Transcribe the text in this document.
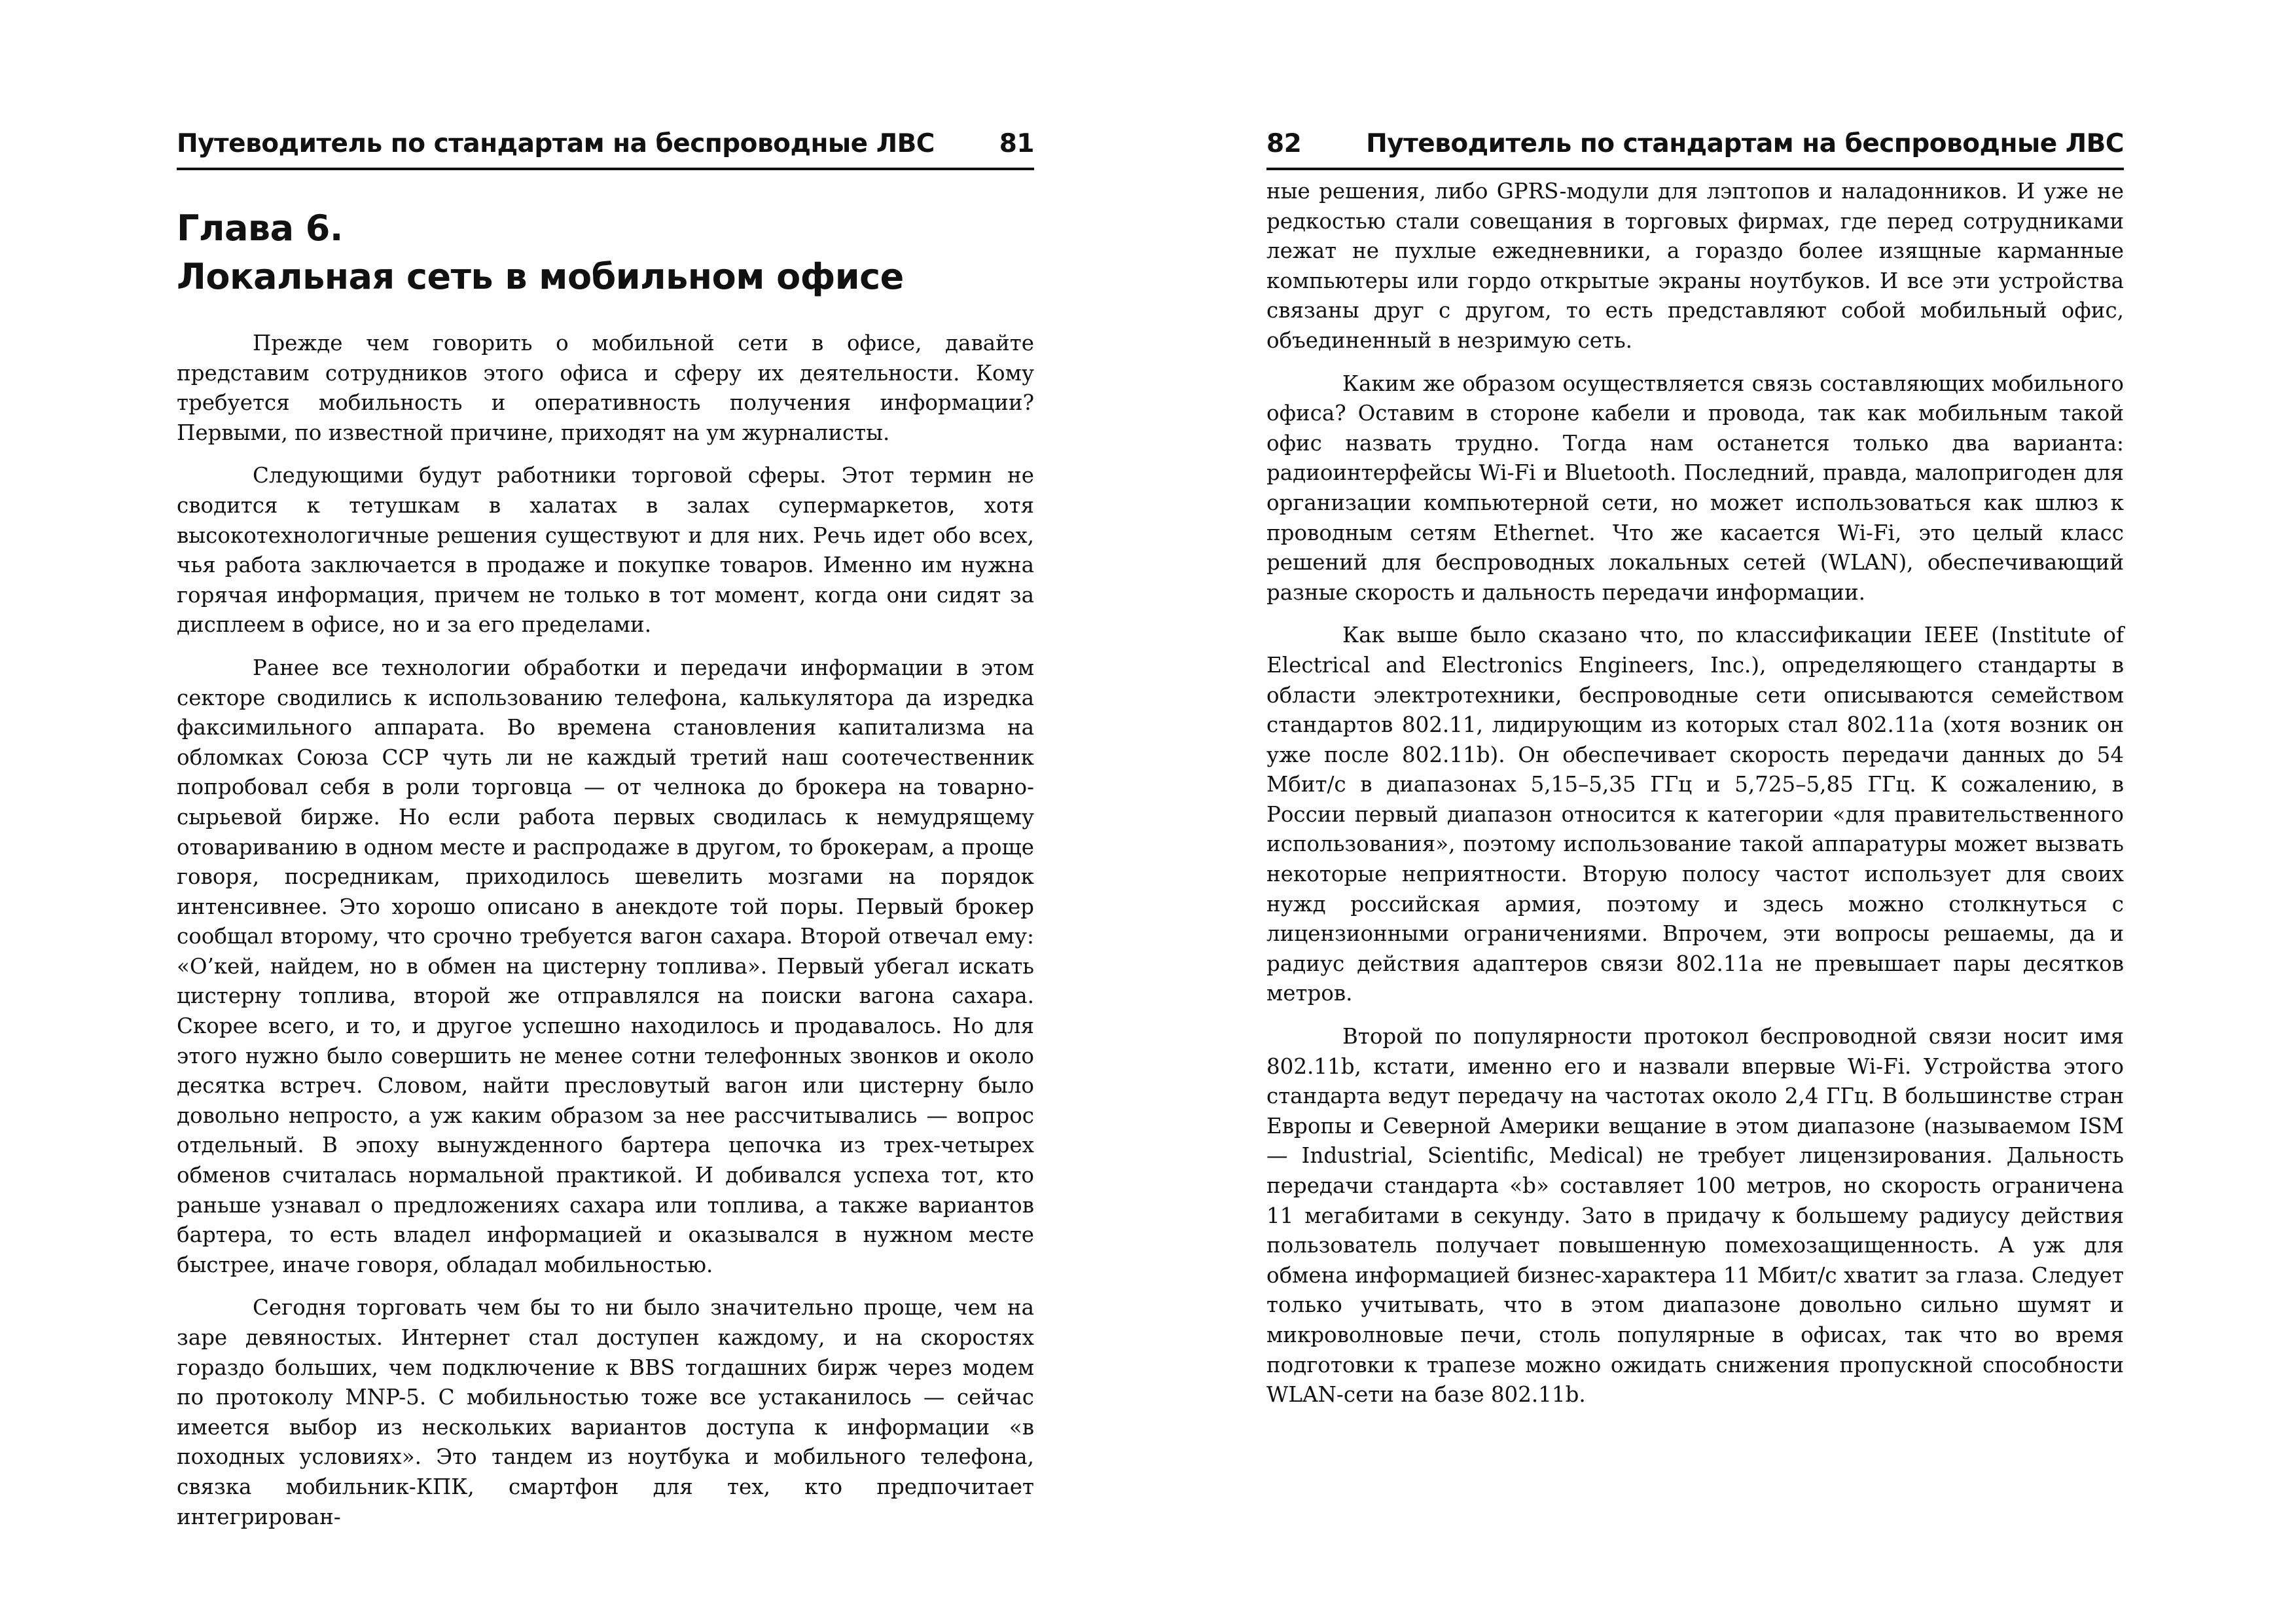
Путеводитель по стандартам на беспроводные ЛВС	81
Глава 6.
Локальная сеть в мобильном офисе

Прежде чем говорить о мобильной сети в офисе, давайте представим сотрудников этого офиса и сферу их деятельности. Кому требуется мобильность и оперативность получения информации? Первыми, по известной причине, приходят на ум журналисты.

Следующими будут работники торговой сферы. Этот термин не сводится к тетушкам в халатах в залах супермаркетов, хотя высокотехнологичные решения существуют и для них. Речь идет обо всех, чья работа заключается в продаже и покупке товаров. Именно им нужна горячая информация, причем не только в тот момент, когда они сидят за дисплеем в офисе, но и за его пределами.

Ранее все технологии обработки и передачи информации в этом секторе сводились к использованию телефона, калькулятора да изредка факсимильного аппарата. Во времена становления капитализма на обломках Союза ССР чуть ли не каждый третий наш соотечественник попробовал себя в роли торговца — от челнока до брокера на товарно-сырьевой бирже. Но если работа первых сводилась к немудрящему отовариванию в одном месте и распродаже в другом, то брокерам, а проще говоря, посредникам, приходилось шевелить мозгами на порядок интенсивнее. Это хорошо описано в анекдоте той поры. Первый брокер сообщал второму, что срочно требуется вагон сахара. Второй отвечал ему: «О’кей, найдем, но в обмен на цистерну топлива». Первый убегал искать цистерну топлива, второй же отправлялся на поиски вагона сахара. Скорее всего, и то, и другое успешно находилось и продавалось. Но для этого нужно было совершить не менее сотни телефонных звонков и около десятка встреч. Словом, найти пресловутый вагон или цистерну было довольно непросто, а уж каким образом за нее рассчитывались — вопрос отдельный. В эпоху вынужденного бартера цепочка из трех-четырех обменов считалась нормальной практикой. И добивался успеха тот, кто раньше узнавал о предложениях сахара или топлива, а также вариантов бартера, то есть владел информацией и оказывался в нужном месте быстрее, иначе говоря, обладал мобильностью.

Сегодня торговать чем бы то ни было значительно проще, чем на заре девяностых. Интернет стал доступен каждому, и на скоростях гораздо больших, чем подключение к BBS тогдашних бирж через модем по протоколу MNP-5. С мобильностью тоже все устаканилось — сейчас имеется выбор из нескольких вариантов доступа к информации «в походных условиях». Это тандем из ноутбука и мобильного телефона, связка мобильник-КПК, смартфон для тех, кто предпочитает интегрирован-

82	Путеводитель по стандартам на беспроводные ЛВС

ные решения, либо GPRS-модули для лэптопов и наладонников. И уже не редкостью стали совещания в торговых фирмах, где перед сотрудниками лежат не пухлые ежедневники, а гораздо более изящные карманные компьютеры или гордо открытые экраны ноутбуков. И все эти устройства связаны друг с другом, то есть представляют собой мобильный офис, объединенный в незримую сеть.

Каким же образом осуществляется связь составляющих мобильного офиса? Оставим в стороне кабели и провода, так как мобильным такой офис назвать трудно. Тогда нам останется только два варианта: радиоинтерфейсы Wi-Fi и Bluetooth. Последний, правда, малопригоден для организации компьютерной сети, но может использоваться как шлюз к проводным сетям Ethernet. Что же касается Wi-Fi, это целый класс решений для беспроводных локальных сетей (WLAN), обеспечивающий разные скорость и дальность передачи информации.

Как выше было сказано что, по классификации IEEE (Institute of Electrical and Electronics Engineers, Inc.), определяющего стандарты в области электротехники, беспроводные сети описываются семейством стандартов 802.11, лидирующим из которых стал 802.11a (хотя возник он уже после 802.11b). Он обеспечивает скорость передачи данных до 54 Мбит/с в диапазонах 5,15–5,35 ГГц и 5,725–5,85 ГГц. К сожалению, в России первый диапазон относится к категории «для правительственного использования», поэтому использование такой аппаратуры может вызвать некоторые неприятности. Вторую полосу частот использует для своих нужд российская армия, поэтому и здесь можно столкнуться с лицензионными ограничениями. Впрочем, эти вопросы решаемы, да и радиус действия адаптеров связи 802.11a не превышает пары десятков метров.

Второй по популярности протокол беспроводной связи носит имя 802.11b, кстати, именно его и назвали впервые Wi-Fi. Устройства этого стандарта ведут передачу на частотах около 2,4 ГГц. В большинстве стран Европы и Северной Америки вещание в этом диапазоне (называемом ISM — Industrial, Scientific, Medical) не требует лицензирования. Дальность передачи стандарта «b» составляет 100 метров, но скорость ограничена 11 мегабитами в секунду. Зато в придачу к большему радиусу действия пользователь получает повышенную помехозащищенность. А уж для обмена информацией бизнес-характера 11 Мбит/с хватит за глаза. Следует только учитывать, что в этом диапазоне довольно сильно шумят и микроволновые печи, столь популярные в офисах, так что во время подготовки к трапезе можно ожидать снижения пропускной способности WLAN-сети на базе 802.11b.
